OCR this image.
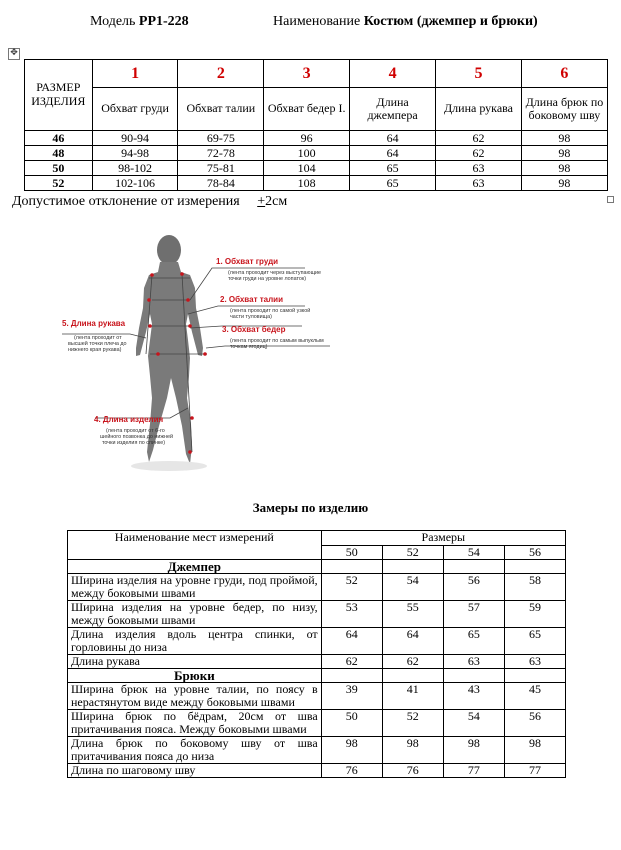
Модель PP1-228	Наименование Костюм (джемпер и брюки)
✥
РАЗМЕР ИЗДЕЛИЯ	1	2	3	4	5	6
	Обхват груди	Обхват талии	Обхват бедер I.	Длина джемпера	Длина рукава	Длина брюк по боковому шву
46	90-94	69-75	96	64	62	98
48	94-98	72-78	100	64	62	98
50	98-102	75-81	104	65	63	98
52	102-106	78-84	108	65	63	98
Допустимое отклонение от измерения +2см
1. Обхват груди
(лента проходит через выступающие
точки груди на уровне лопаток)
2. Обхват талии
(лента проходит по самой узкой
части туловища)
3. Обхват бедер
(лента проходит по самым выпуклым
точкам ягодиц)
5. Длина рукава
(лента проходит от
высшей точки плеча до
нижнего края рукава)
4. Длина изделия
(лента проходит от 6-го
шейного позвонка до нижней
точки изделия по спинке)
Замеры по изделию
Наименование мест измерений	Размеры			
	50	52	54	56
Джемпер				
Ширина изделия на уровне груди, под проймой, между боковыми швами	52	54	56	58
Ширина изделия на уровне бедер, по низу, между боковыми швами	53	55	57	59
Длина изделия вдоль центра спинки, от горловины до низа	64	64	65	65
Длина рукава	62	62	63	63
Брюки				
Ширина брюк на уровне талии, по поясу в нерастянутом виде между боковыми швами	39	41	43	45
Ширина брюк по бёдрам, 20см от шва притачивания пояса. Между боковыми швами	50	52	54	56
Длина брюк по боковому шву от шва притачивания пояса до низа	98	98	98	98
Длина по шаговому шву	76	76	77	77
